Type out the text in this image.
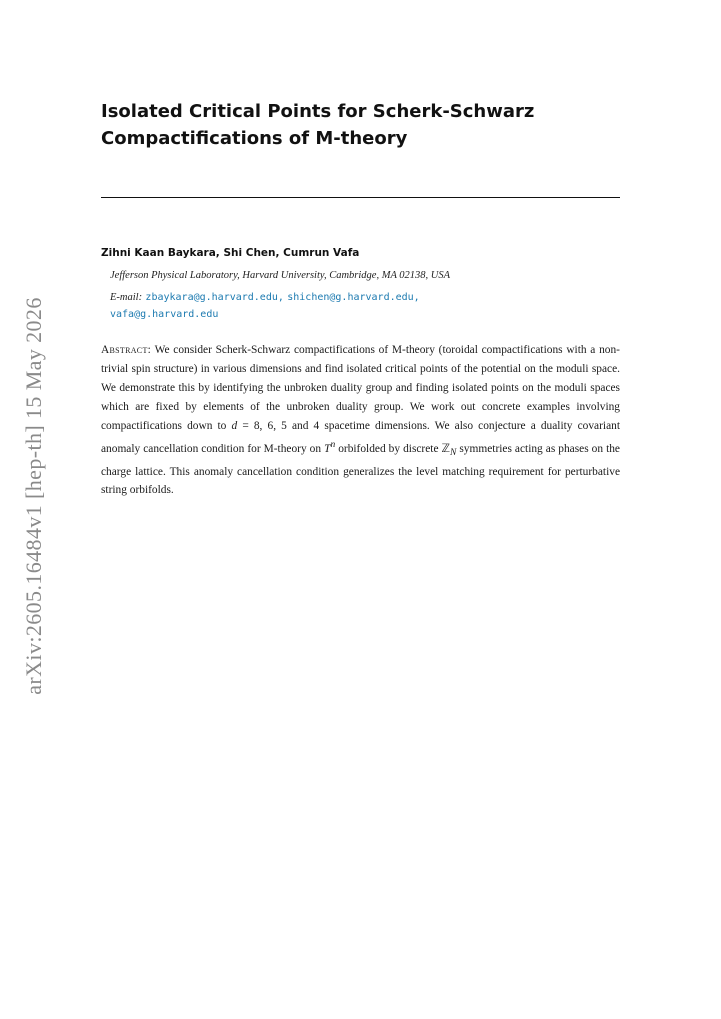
arXiv:2605.16484v1 [hep-th] 15 May 2026
Isolated Critical Points for Scherk-Schwarz
Compactifications of M-theory
Zihni Kaan Baykara, Shi Chen, Cumrun Vafa
Jefferson Physical Laboratory, Harvard University, Cambridge, MA 02138, USA
E-mail: zbaykara@g.harvard.edu, shichen@g.harvard.edu,
vafa@g.harvard.edu

Abstract: We consider Scherk-Schwarz compactifications of M-theory (toroidal compactifications with a non-trivial spin structure) in various dimensions and find isolated critical points of the potential on the moduli space. We demonstrate this by identifying the unbroken duality group and finding isolated points on the moduli spaces which are fixed by elements of the unbroken duality group. We work out concrete examples involving compactifications down to d = 8, 6, 5 and 4 spacetime dimensions. We also conjecture a duality covariant anomaly cancellation condition for M-theory on $T^n$ orbifolded by discrete ℤ$_N$ symmetries acting as phases on the charge lattice. This anomaly cancellation condition generalizes the level matching requirement for perturbative string orbifolds.
